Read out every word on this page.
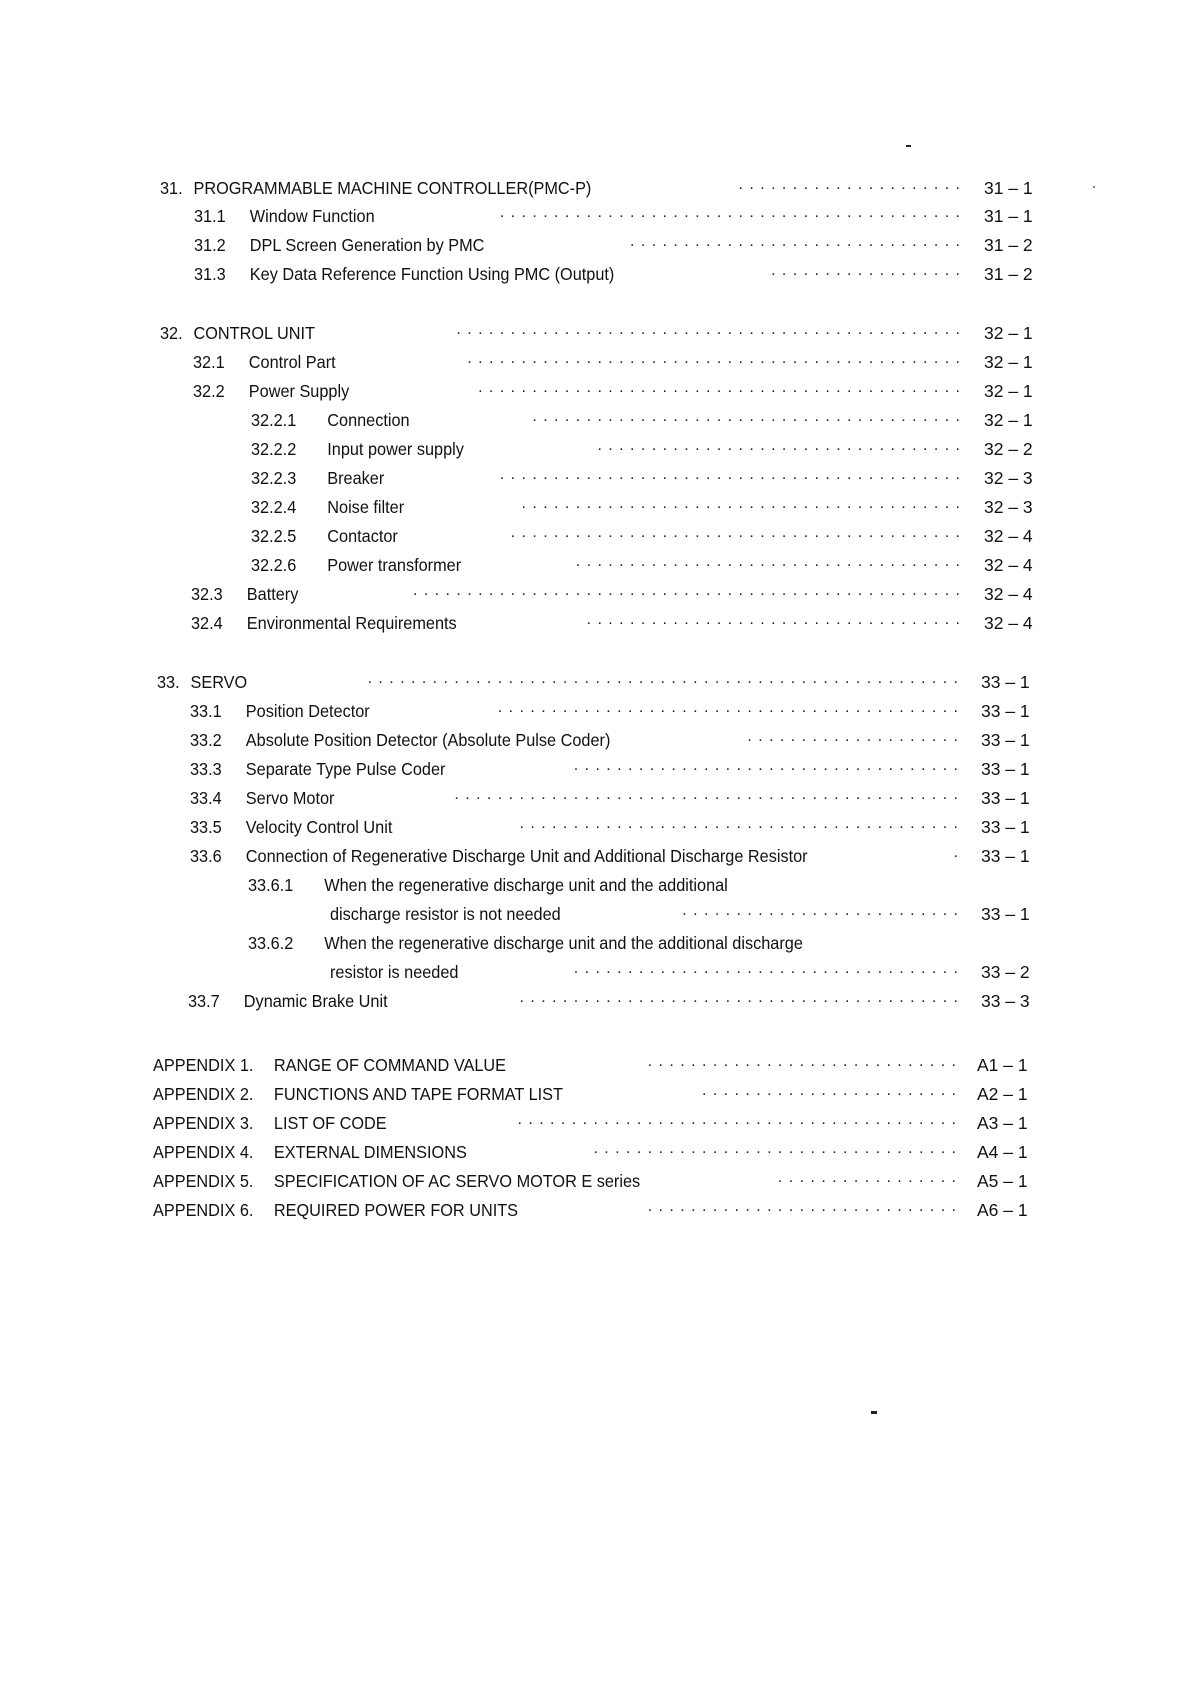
31. PROGRAMMABLE MACHINE CONTROLLER(PMC-P)	.  .  .  .  .  .  .  .  .  .  .  .  .  .  .  .  .  .  .  .  . 31 – 1
31.1 Window Function	.  .  .  .  .  .  .  .  .  .  .  .  .  .  .  .  .  .  .  .  .  .  .  .  .  .  .  .  .  .  .  .  .  .  .  .  .  .  .  .  .  .  . 31 – 1
31.2 DPL Screen Generation by PMC	.  .  .  .  .  .  .  .  .  .  .  .  .  .  .  .  .  .  .  .  .  .  .  .  .  .  .  .  .  .  . 31 – 2
31.3 Key Data Reference Function Using PMC (Output)	.  .  .  .  .  .  .  .  .  .  .  .  .  .  .  .  .  . 31 – 2
32. CONTROL UNIT	.  .  .  .  .  .  .  .  .  .  .  .  .  .  .  .  .  .  .  .  .  .  .  .  .  .  .  .  .  .  .  .  .  .  .  .  .  .  .  .  .  .  .  .  .  .  . 32 – 1
32.1 Control Part	.  .  .  .  .  .  .  .  .  .  .  .  .  .  .  .  .  .  .  .  .  .  .  .  .  .  .  .  .  .  .  .  .  .  .  .  .  .  .  .  .  .  .  .  .  . 32 – 1
32.2 Power Supply	.  .  .  .  .  .  .  .  .  .  .  .  .  .  .  .  .  .  .  .  .  .  .  .  .  .  .  .  .  .  .  .  .  .  .  .  .  .  .  .  .  .  .  .  . 32 – 1
32.2.1 Connection	.  .  .  .  .  .  .  .  .  .  .  .  .  .  .  .  .  .  .  .  .  .  .  .  .  .  .  .  .  .  .  .  .  .  .  .  .  .  .  . 32 – 1
32.2.2 Input power supply	.  .  .  .  .  .  .  .  .  .  .  .  .  .  .  .  .  .  .  .  .  .  .  .  .  .  .  .  .  .  .  .  .  . 32 – 2
32.2.3 Breaker	.  .  .  .  .  .  .  .  .  .  .  .  .  .  .  .  .  .  .  .  .  .  .  .  .  .  .  .  .  .  .  .  .  .  .  .  .  .  .  .  .  .  . 32 – 3
32.2.4 Noise filter	.  .  .  .  .  .  .  .  .  .  .  .  .  .  .  .  .  .  .  .  .  .  .  .  .  .  .  .  .  .  .  .  .  .  .  .  .  .  .  .  . 32 – 3
32.2.5 Contactor	.  .  .  .  .  .  .  .  .  .  .  .  .  .  .  .  .  .  .  .  .  .  .  .  .  .  .  .  .  .  .  .  .  .  .  .  .  .  .  .  .  . 32 – 4
32.2.6 Power transformer	.  .  .  .  .  .  .  .  .  .  .  .  .  .  .  .  .  .  .  .  .  .  .  .  .  .  .  .  .  .  .  .  .  .  .  . 32 – 4
32.3 Battery	.  .  .  .  .  .  .  .  .  .  .  .  .  .  .  .  .  .  .  .  .  .  .  .  .  .  .  .  .  .  .  .  .  .  .  .  .  .  .  .  .  .  .  .  .  .  .  .  .  .  . 32 – 4
32.4 Environmental Requirements	.  .  .  .  .  .  .  .  .  .  .  .  .  .  .  .  .  .  .  .  .  .  .  .  .  .  .  .  .  .  .  .  .  .  . 32 – 4
33. SERVO	.  .  .  .  .  .  .  .  .  .  .  .  .  .  .  .  .  .  .  .  .  .  .  .  .  .  .  .  .  .  .  .  .  .  .  .  .  .  .  .  .  .  .  .  .  .  .  .  .  .  .  .  .  .  . 33 – 1
33.1 Position Detector	.  .  .  .  .  .  .  .  .  .  .  .  .  .  .  .  .  .  .  .  .  .  .  .  .  .  .  .  .  .  .  .  .  .  .  .  .  .  .  .  .  .  . 33 – 1
33.2 Absolute Position Detector (Absolute Pulse Coder)	.  .  .  .  .  .  .  .  .  .  .  .  .  .  .  .  .  .  .  . 33 – 1
33.3 Separate Type Pulse Coder	.  .  .  .  .  .  .  .  .  .  .  .  .  .  .  .  .  .  .  .  .  .  .  .  .  .  .  .  .  .  .  .  .  .  .  . 33 – 1
33.4 Servo Motor	.  .  .  .  .  .  .  .  .  .  .  .  .  .  .  .  .  .  .  .  .  .  .  .  .  .  .  .  .  .  .  .  .  .  .  .  .  .  .  .  .  .  .  .  .  .  . 33 – 1
33.5 Velocity Control Unit	.  .  .  .  .  .  .  .  .  .  .  .  .  .  .  .  .  .  .  .  .  .  .  .  .  .  .  .  .  .  .  .  .  .  .  .  .  .  .  .  . 33 – 1
33.6 Connection of Regenerative Discharge Unit and Additional Discharge Resistor	. 33 – 1
33.6.1 When the regenerative discharge unit and the additional
discharge resistor is not needed	.  .  .  .  .  .  .  .  .  .  .  .  .  .  .  .  .  .  .  .  .  .  .  .  .  . 33 – 1
33.6.2 When the regenerative discharge unit and the additional discharge
resistor is needed	.  .  .  .  .  .  .  .  .  .  .  .  .  .  .  .  .  .  .  .  .  .  .  .  .  .  .  .  .  .  .  .  .  .  .  . 33 – 2
33.7 Dynamic Brake Unit	.  .  .  .  .  .  .  .  .  .  .  .  .  .  .  .  .  .  .  .  .  .  .  .  .  .  .  .  .  .  .  .  .  .  .  .  .  .  .  .  . 33 – 3
APPENDIX 1. RANGE OF COMMAND VALUE	.  .  .  .  .  .  .  .  .  .  .  .  .  .  .  .  .  .  .  .  .  .  .  .  .  .  .  .  . A1 – 1
APPENDIX 2. FUNCTIONS AND TAPE FORMAT LIST	.  .  .  .  .  .  .  .  .  .  .  .  .  .  .  .  .  .  .  .  .  .  .  . A2 – 1
APPENDIX 3. LIST OF CODE	.  .  .  .  .  .  .  .  .  .  .  .  .  .  .  .  .  .  .  .  .  .  .  .  .  .  .  .  .  .  .  .  .  .  .  .  .  .  .  .  . A3 – 1
APPENDIX 4. EXTERNAL DIMENSIONS	.  .  .  .  .  .  .  .  .  .  .  .  .  .  .  .  .  .  .  .  .  .  .  .  .  .  .  .  .  .  .  .  .  . A4 – 1
APPENDIX 5. SPECIFICATION OF AC SERVO MOTOR E series	.  .  .  .  .  .  .  .  .  .  .  .  .  .  .  .  . A5 – 1
APPENDIX 6. REQUIRED POWER FOR UNITS	.  .  .  .  .  .  .  .  .  .  .  .  .  .  .  .  .  .  .  .  .  .  .  .  .  .  .  .  . A6 – 1
